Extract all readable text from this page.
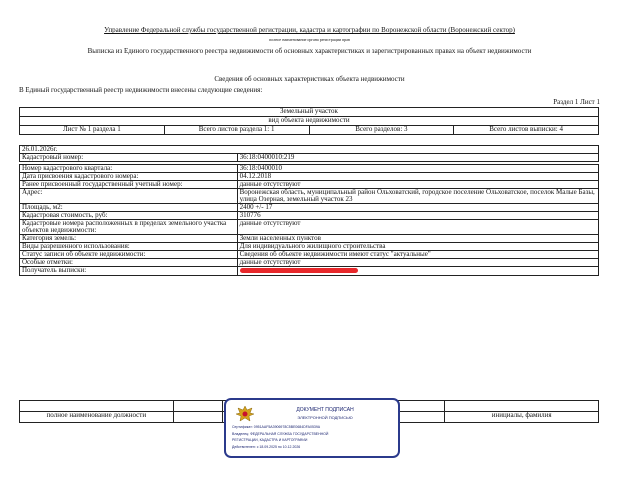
Управление Федеральной службы государственной регистрации, кадастра и картографии по Воронежской области (Воронежский сектор)
полное наименование органа регистрации прав
Выписка из Единого государственного реестра недвижимости об основных характеристиках и зарегистрированных правах на объект недвижимости
Сведения об основных характеристиках объекта недвижимости
В Единый государственный реестр недвижимости внесены следующие сведения:
Раздел 1 Лист 1
Земельный участок
вид объекта недвижимости
Лист № 1 раздела 1	Всего листов раздела 1: 1	Всего разделов: 3	Всего листов выписки: 4
26.01.2026г.	
Кадастровый номер:	36:18:0400010:219

Номер кадастрового квартала:	36:18:0400010
Дата присвоения кадастрового номера:	04.12.2018
Ранее присвоенный государственный учетный номер:	данные отсутствуют
Адрес:	Воронежская область, муниципальный район Ольховатский, городское поселение Ольховатское, поселок Малые Базы, улица Озерная, земельный участок 23
Площадь, м2:	2400 +/- 17
Кадастровая стоимость, руб:	310776
Кадастровые номера расположенных в пределах земельного участка объектов недвижимости:	данные отсутствуют
Категория земель:	Земли населенных пунктов
Виды разрешенного использования:	Для индивидуального жилищного строительства
Статус записи об объекте недвижимости:	Сведения об объекте недвижимости имеют статус "актуальные"
Особые отметки:	данные отсутствуют
Получатель выписки:	

полное наименование должности				инициалы, фамилия
ДОКУМЕНТ ПОДПИСАН
ЭЛЕКТРОННОЙ ПОДПИСЬЮ
Сертификат: 0951AAF5A3906978C5BE0684DFA0539A
Владелец: ФЕДЕРАЛЬНАЯ СЛУЖБА ГОСУДАРСТВЕННОЙ
РЕГИСТРАЦИИ, КАДАСТРА И КАРТОГРАФИИ
Действителен: с 18.09.2025 по 10.12.2026
